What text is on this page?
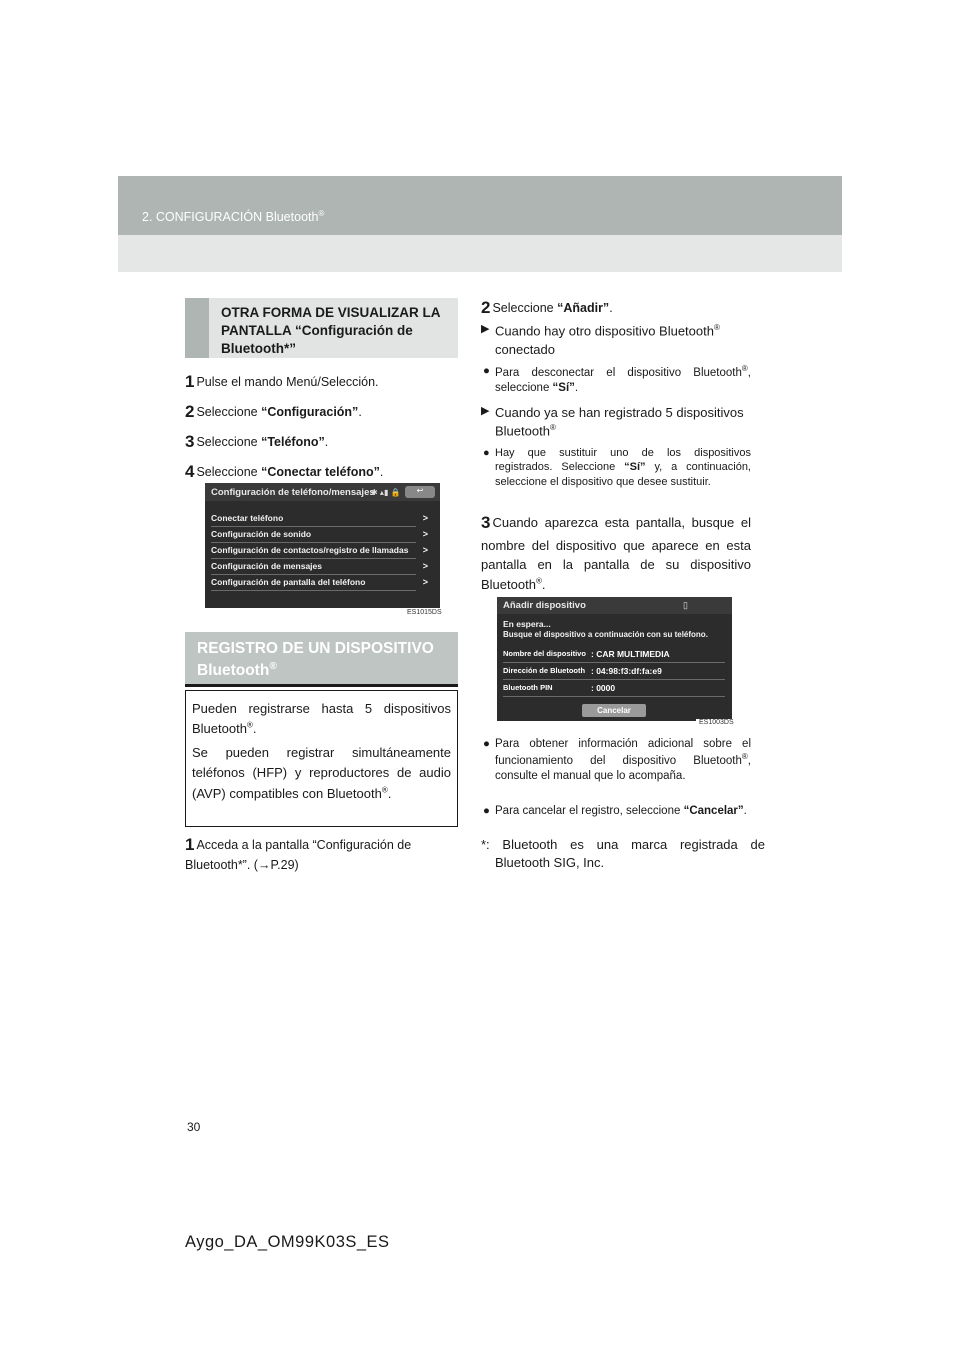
2. CONFIGURACIÓN Bluetooth®
OTRA FORMA DE VISUALIZAR LA PANTALLA “Configuración de Bluetooth*”
1 Pulse el mando Menú/Selección.
2 Seleccione “Configuración”.
3 Seleccione “Teléfono”.
4 Seleccione “Conectar teléfono”.
Configuración de teléfono/mensajes
✱ ▴▮ 🔒	↩
Conectar teléfono	>
Configuración de sonido	>
Configuración de contactos/registro de llamadas >
Configuración de mensajes	>
Configuración de pantalla del teléfono	>
ES1015DS
REGISTRO DE UN DISPOSITIVO Bluetooth®

Pueden registrarse hasta 5 dispositivos Bluetooth®.

Se pueden registrar simultáneamente teléfonos (HFP) y reproductores de audio (AVP) compatibles con Bluetooth®.

1 Acceda a la pantalla “Configuración de Bluetooth*”. (→P.29)
2 Seleccione “Añadir”.
▶ Cuando hay otro dispositivo Bluetooth® conectado
● Para desconectar el dispositivo Bluetooth®, seleccione “Sí”.
▶ Cuando ya se han registrado 5 dispositivos Bluetooth®
● Hay que sustituir uno de los dispositivos registrados. Seleccione “Sí” y, a continuación, seleccione el dispositivo que desee sustituir.
3 Cuando aparezca esta pantalla, busque el nombre del dispositivo que aparece en esta pantalla en la pantalla de su dispositivo Bluetooth®.
Añadir dispositivo	▯
En espera...
Busque el dispositivo a continuación con su teléfono.
Nombre del dispositivo : CAR MULTIMEDIA
Dirección de Bluetooth : 04:98:f3:df:fa:e9
Bluetooth PIN	: 0000
Cancelar
ES1003DS
● Para obtener información adicional sobre el funcionamiento del dispositivo Bluetooth®, consulte el manual que lo acompaña.
● Para cancelar el registro, seleccione “Cancelar”.
*: Bluetooth es una marca registrada de Bluetooth SIG, Inc.
30
Aygo_DA_OM99K03S_ES
